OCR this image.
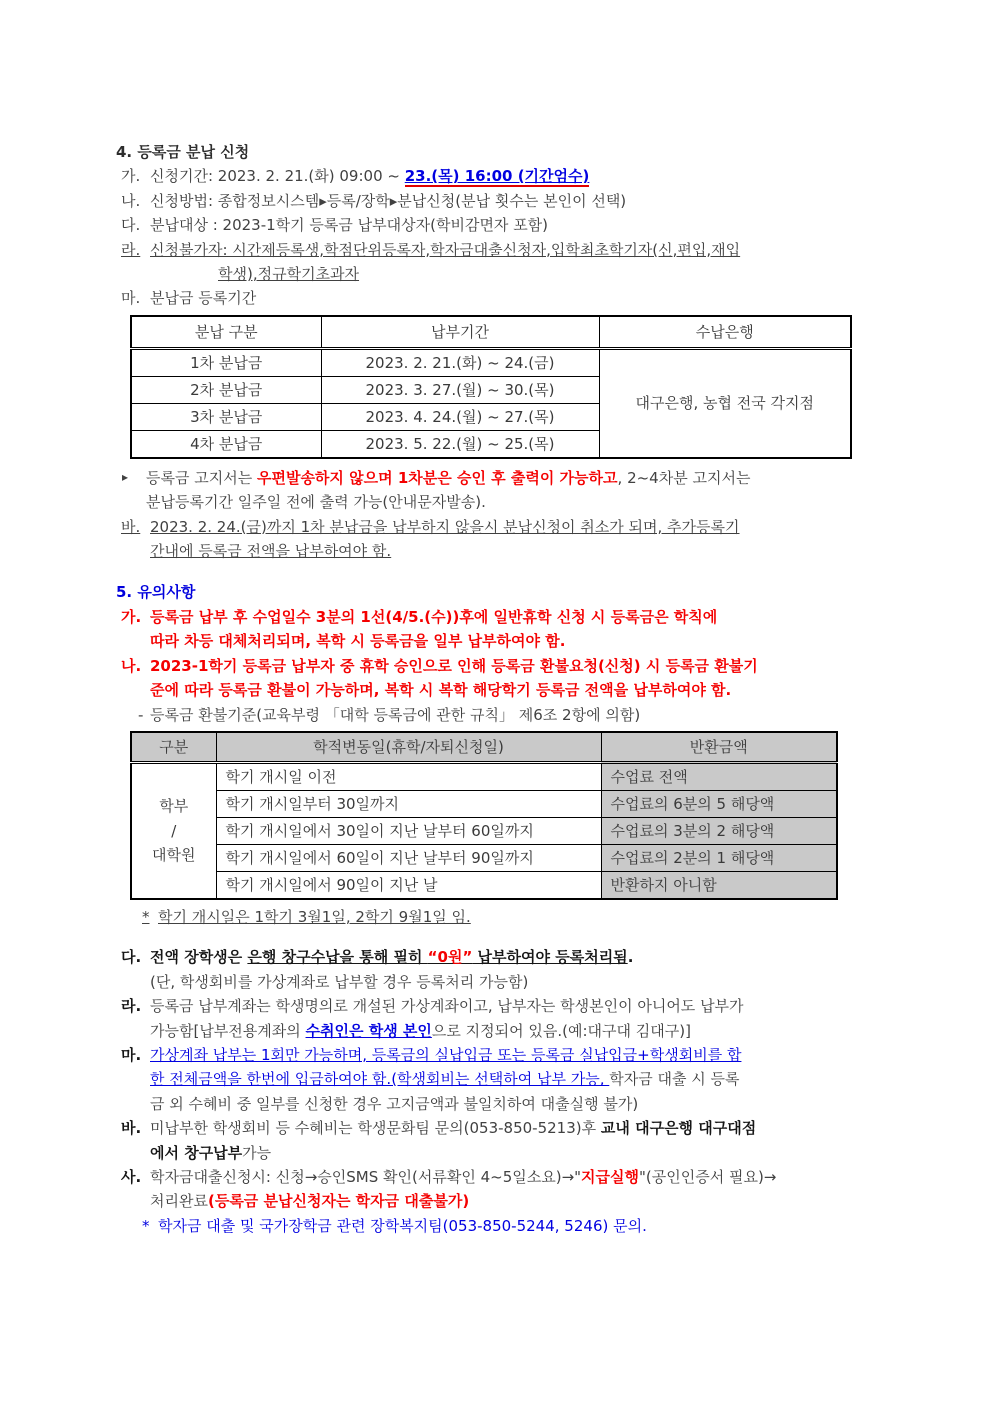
4. 등록금 분납 신청
가. 신청기간: 2023. 2. 21.(화) 09:00 ~ 23.(목) 16:00 (기간엄수)
나. 신청방법: 종합정보시스템▸등록/장학▸분납신청(분납 횟수는 본인이 선택)
다. 분납대상 : 2023-1학기 등록금 납부대상자(학비감면자 포함)
라. 신청불가자: 시간제등록생,학점단위등록자,학자금대출신청자,입학최초학기자(신,편입,재입
학생),정규학기초과자
마. 분납금 등록기간
분납 구분	납부기간	수납은행
1차 분납금	2023. 2. 21.(화) ~ 24.(금)	대구은행, 농협 전국 각지점
2차 분납금	2023. 3. 27.(월) ~ 30.(목)	
3차 분납금	2023. 4. 24.(월) ~ 27.(목)	
4차 분납금	2023. 5. 22.(월) ~ 25.(목)	
▸ 등록금 고지서는 우편발송하지 않으며 1차분은 승인 후 출력이 가능하고, 2~4차분 고지서는
분납등록기간 일주일 전에 출력 가능(안내문자발송).
바. 2023. 2. 24.(금)까지 1차 분납금을 납부하지 않을시 분납신청이 취소가 되며, 추가등록기
간내에 등록금 전액을 납부하여야 함.
5. 유의사항
가. 등록금 납부 후 수업일수 3분의 1선(4/5.(수))후에 일반휴학 신청 시 등록금은 학칙에
따라 차등 대체처리되며, 복학 시 등록금을 일부 납부하여야 함.
나. 2023-1학기 등록금 납부자 중 휴학 승인으로 인해 등록금 환불요청(신청) 시 등록금 환불기
준에 따라 등록금 환불이 가능하며, 복학 시 복학 해당학기 등록금 전액을 납부하여야 함.
- 등록금 환불기준(교육부령 「대학 등록금에 관한 규칙」 제6조 2항에 의함)
구분	학적변동일(휴학/자퇴신청일)	반환금액

학부
/
대학원	학기 개시일 이전	수업료 전액
	학기 개시일부터 30일까지	수업료의 6분의 5 해당액
	학기 개시일에서 30일이 지난 날부터 60일까지	수업료의 3분의 2 해당액
	학기 개시일에서 60일이 지난 날부터 90일까지	수업료의 2분의 1 해당액
	학기 개시일에서 90일이 지난 날	반환하지 아니함
* 학기 개시일은 1학기 3월1일, 2학기 9월1일 임.
다. 전액 장학생은 은행 창구수납을 통해 필히 “0원” 납부하여야 등록처리됨.
(단, 학생회비를 가상계좌로 납부할 경우 등록처리 가능함)
라. 등록금 납부계좌는 학생명의로 개설된 가상계좌이고, 납부자는 학생본인이 아니어도 납부가
가능함[납부전용계좌의 수취인은 학생 본인으로 지정되어 있음.(예:대구대 김대구)]
마. 가상계좌 납부는 1회만 가능하며, 등록금의 실납입금 또는 등록금 실납입금+학생회비를 합
한 전체금액을 한번에 입금하여야 함.(학생회비는 선택하여 납부 가능, 학자금 대출 시 등록
금 외 수혜비 중 일부를 신청한 경우 고지금액과 불일치하여 대출실행 불가)
바. 미납부한 학생회비 등 수혜비는 학생문화팀 문의(053-850-5213)후 교내 대구은행 대구대점
에서 창구납부가능
사. 학자금대출신청시: 신청→승인SMS 확인(서류확인 4~5일소요)→"지급실행"(공인인증서 필요)→
처리완료(등록금 분납신청자는 학자금 대출불가)
* 학자금 대출 및 국가장학금 관련 장학복지팀(053-850-5244, 5246) 문의.
